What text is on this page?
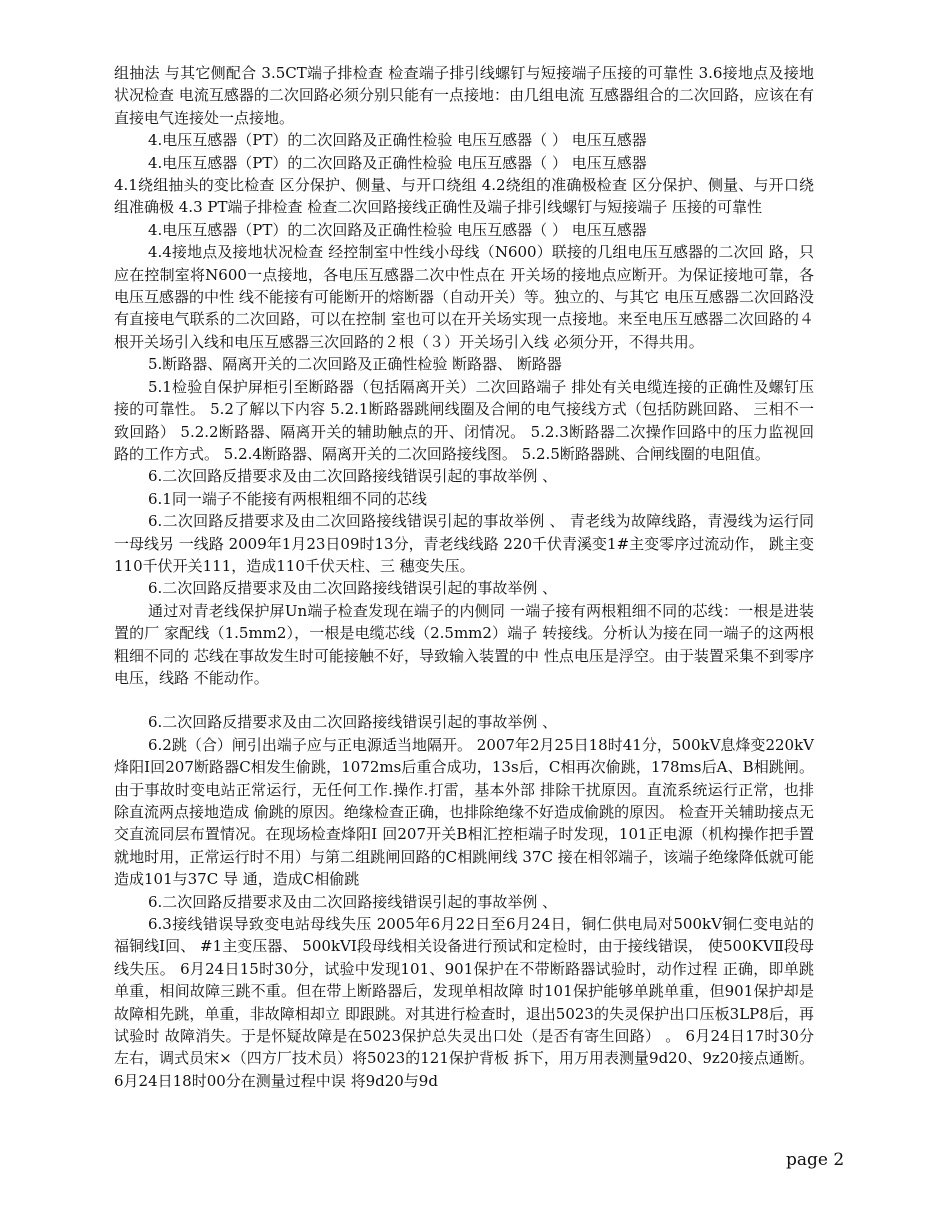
组抽法 与其它侧配合 3.5CT端子排检查 检查端子排引线螺钉与短接端子压接的可靠性 3.6接地点及接地状况检查 电流互感器的二次回路必须分别只能有一点接地：由几组电流 互感器组合的二次回路，应该在有直接电气连接处一点接地。

4.电压互感器（PT）的二次回路及正确性检验 电压互感器（ ） 电压互感器

4.电压互感器（PT）的二次回路及正确性检验 电压互感器（ ） 电压互感器

4.1绕组抽头的变比检查 区分保护、侧量、与开口绕组 4.2绕组的准确极检查 区分保护、侧量、与开口绕组准确极 4.3 PT端子排检查 检查二次回路接线正确性及端子排引线螺钉与短接端子 压接的可靠性

4.电压互感器（PT）的二次回路及正确性检验 电压互感器（ ） 电压互感器

4.4接地点及接地状况检查 经控制室中性线小母线（N600）联接的几组电压互感器的二次回 路，只应在控制室将N600一点接地，各电压互感器二次中性点在 开关场的接地点应断开。为保证接地可靠，各电压互感器的中性 线不能接有可能断开的熔断器（自动开关）等。独立的、与其它 电压互感器二次回路没有直接电气联系的二次回路，可以在控制 室也可以在开关场实现一点接地。来至电压互感器二次回路的４根开关场引入线和电压互感器三次回路的２根（３）开关场引入线 必须分开，不得共用。

5.断路器、隔离开关的二次回路及正确性检验 断路器、 断路器

5.1检验自保护屏柜引至断路器（包括隔离开关）二次回路端子 排处有关电缆连接的正确性及螺钉压接的可靠性。 5.2了解以下内容 5.2.1断路器跳闸线圈及合闸的电气接线方式（包括防跳回路、 三相不一致回路） 5.2.2断路器、隔离开关的辅助触点的开、闭情况。 5.2.3断路器二次操作回路中的压力监视回路的工作方式。 5.2.4断路器、隔离开关的二次回路接线图。 5.2.5断路器跳、合闸线圈的电阻值。

6.二次回路反措要求及由二次回路接线错误引起的事故举例 、

6.1同一端子不能接有两根粗细不同的芯线

6.二次回路反措要求及由二次回路接线错误引起的事故举例 、 青老线为故障线路，青漫线为运行同一母线另 一线路 2009年1月23日09时13分，青老线线路 220千伏青溪变1#主变零序过流动作， 跳主变110千伏开关111，造成110千伏天柱、三 穗变失压。

6.二次回路反措要求及由二次回路接线错误引起的事故举例 、

通过对青老线保护屏Un端子检查发现在端子的内侧同 一端子接有两根粗细不同的芯线：一根是进装置的厂 家配线（1.5mm2），一根是电缆芯线（2.5mm2）端子 转接线。分析认为接在同一端子的这两根粗细不同的 芯线在事故发生时可能接触不好，导致输入装置的中 性点电压是浮空。由于装置采集不到零序电压，线路 不能动作。

6.二次回路反措要求及由二次回路接线错误引起的事故举例 、

6.2跳（合）闸引出端子应与正电源适当地隔开。 2007年2月25日18时41分，500kV息烽变220kV烽阳Ⅰ回207断路器C相发生偷跳，1072ms后重合成功，13s后，C相再次偷跳，178ms后A、B相跳闸。 由于事故时变电站正常运行，无任何工作.操作.打雷，基本外部 排除干扰原因。直流系统运行正常，也排除直流两点接地造成 偷跳的原因。绝缘检查正确，也排除绝缘不好造成偷跳的原因。 检查开关辅助接点无交直流同层布置情况。在现场检查烽阳Ⅰ 回207开关B相汇控柜端子时发现，101正电源（机构操作把手置 就地时用，正常运行时不用）与第二组跳闸回路的C相跳闸线 37C 接在相邻端子，该端子绝缘降低就可能造成101与37C 导 通，造成C相偷跳

6.二次回路反措要求及由二次回路接线错误引起的事故举例 、

6.3接线错误导致变电站母线失压 2005年6月22日至6月24日，铜仁供电局对500kV铜仁变电站的福铜线Ⅰ回、 #1主变压器、 500kVⅠ段母线相关设备进行预试和定检时，由于接线错误， 使500KVⅡ段母线失压。 6月24日15时30分，试验中发现101、901保护在不带断路器试验时，动作过程 正确，即单跳单重，相间故障三跳不重。但在带上断路器后，发现单相故障 时101保护能够单跳单重，但901保护却是故障相先跳，单重，非故障相却立 即跟跳。对其进行检查时，退出5023的失灵保护出口压板3LP8后，再试验时 故障消失。于是怀疑故障是在5023保护总失灵出口处（是否有寄生回路） 。 6月24日17时30分左右，调式员宋×（四方厂技术员）将5023的121保护背板 拆下，用万用表测量9d20、9z20接点通断。 6月24日18时00分在测量过程中误 将9d20与9d

page 2
